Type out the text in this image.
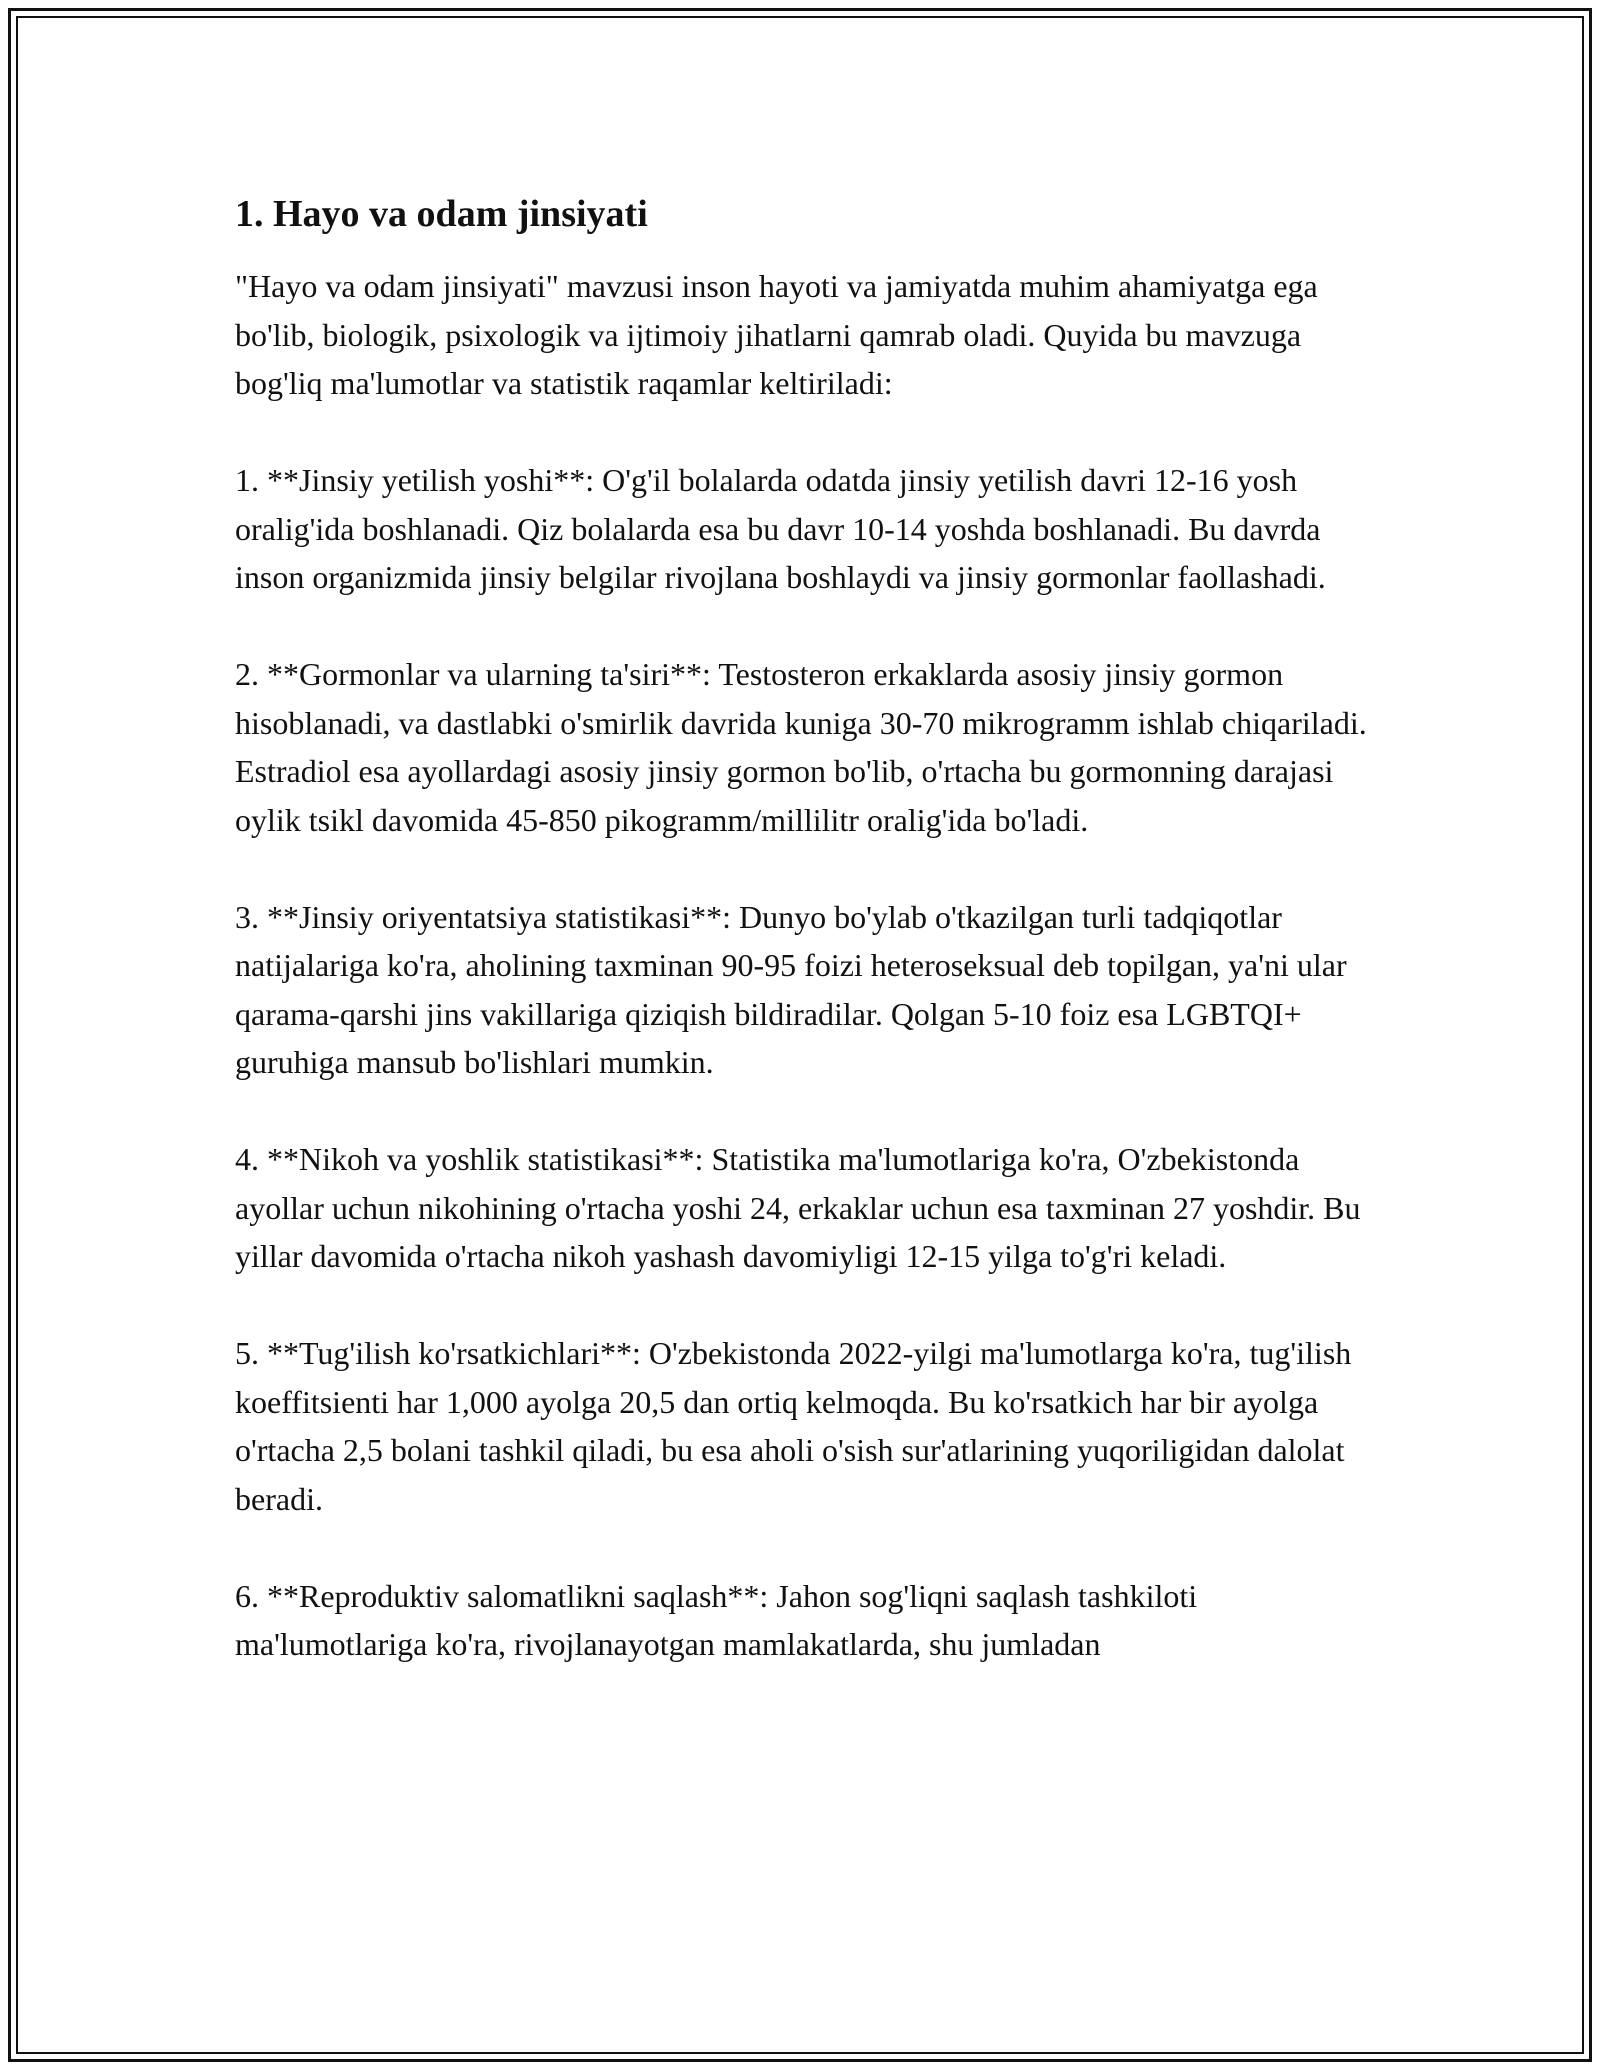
1. Hayo va odam jinsiyati

"Hayo va odam jinsiyati" mavzusi inson hayoti va jamiyatda muhim ahamiyatga ega bo'lib, biologik, psixologik va ijtimoiy jihatlarni qamrab oladi. Quyida bu mavzuga bog'liq ma'lumotlar va statistik raqamlar keltiriladi:

1. **Jinsiy yetilish yoshi**: O'g'il bolalarda odatda jinsiy yetilish davri 12-16 yosh oralig'ida boshlanadi. Qiz bolalarda esa bu davr 10-14 yoshda boshlanadi. Bu davrda inson organizmida jinsiy belgilar rivojlana boshlaydi va jinsiy gormonlar faollashadi.

2. **Gormonlar va ularning ta'siri**: Testosteron erkaklarda asosiy jinsiy gormon hisoblanadi, va dastlabki o'smirlik davrida kuniga 30-70 mikrogramm ishlab chiqariladi. Estradiol esa ayollardagi asosiy jinsiy gormon bo'lib, o'rtacha bu gormonning darajasi oylik tsikl davomida 45-850 pikogramm/millilitr oralig'ida bo'ladi.

3. **Jinsiy oriyentatsiya statistikasi**: Dunyo bo'ylab o'tkazilgan turli tadqiqotlar natijalariga ko'ra, aholining taxminan 90-95 foizi heteroseksual deb topilgan, ya'ni ular qarama-qarshi jins vakillariga qiziqish bildiradilar. Qolgan 5-10 foiz esa LGBTQI+ guruhiga mansub bo'lishlari mumkin.

4. **Nikoh va yoshlik statistikasi**: Statistika ma'lumotlariga ko'ra, O'zbekistonda ayollar uchun nikohining o'rtacha yoshi 24, erkaklar uchun esa taxminan 27 yoshdir. Bu yillar davomida o'rtacha nikoh yashash davomiyligi 12-15 yilga to'g'ri keladi.

5. **Tug'ilish ko'rsatkichlari**: O'zbekistonda 2022-yilgi ma'lumotlarga ko'ra, tug'ilish koeffitsienti har 1,000 ayolga 20,5 dan ortiq kelmoqda. Bu ko'rsatkich har bir ayolga o'rtacha 2,5 bolani tashkil qiladi, bu esa aholi o'sish sur'atlarining yuqoriligidan dalolat beradi.

6. **Reproduktiv salomatlikni saqlash**: Jahon sog'liqni saqlash tashkiloti ma'lumotlariga ko'ra, rivojlanayotgan mamlakatlarda, shu jumladan
